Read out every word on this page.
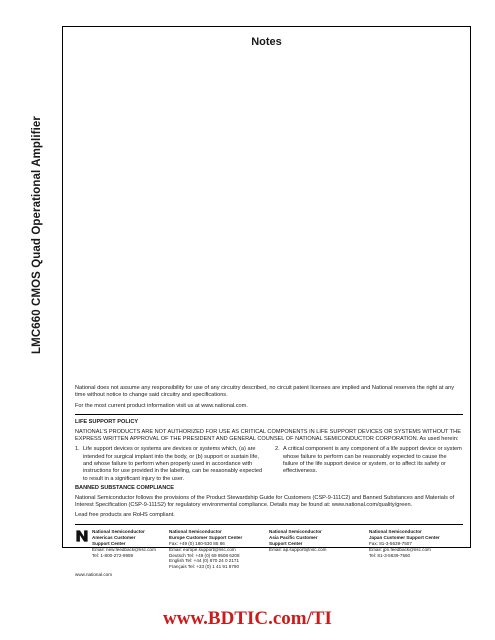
LMC660 CMOS Quad Operational Amplifier
Notes

National does not assume any responsibility for use of any circuitry described, no circuit patent licenses are implied and National reserves the right at any time without notice to change said circuitry and specifications.

For the most current product information visit us at www.national.com.

LIFE SUPPORT POLICY

NATIONAL'S PRODUCTS ARE NOT AUTHORIZED FOR USE AS CRITICAL COMPONENTS IN LIFE SUPPORT DEVICES OR SYSTEMS WITHOUT THE EXPRESS WRITTEN APPROVAL OF THE PRESIDENT AND GENERAL COUNSEL OF NATIONAL SEMICONDUCTOR CORPORATION. As used herein:

1. Life support devices or systems are devices or systems which, (a) are intended for surgical implant into the body, or (b) support or sustain life, and whose failure to perform when properly used in accordance with instructions for use provided in the labeling, can be reasonably expected to result in a significant injury to the user.
2. A critical component is any component of a life support device or system whose failure to perform can be reasonably expected to cause the failure of the life support device or system, or to affect its safety or effectiveness.
BANNED SUBSTANCE COMPLIANCE

National Semiconductor follows the provisions of the Product Stewardship Guide for Customers (CSP-9-111C2) and Banned Substances and Materials of Interest Specification (CSP-9-111S2) for regulatory environmental compliance. Details may be found at: www.national.com/quality/green.

Lead free products are RoHS compliant.

National Semiconductor
Americas Customer
Support Center
Email: new.feedback@nsc.com
Tel: 1-800-272-9959
www.national.com
National Semiconductor
Europe Customer Support Center
Fax: +49 (0) 180-530 85 86
Email: europe.support@nsc.com
Deutsch Tel: +49 (0) 69 9508 6208
English Tel: +44 (0) 870 24 0 2171
Français Tel: +33 (0) 1 41 91 8790
National Semiconductor
Asia Pacific Customer
Support Center
Email: ap.support@nsc.com
National Semiconductor
Japan Customer Support Center
Fax: 81-3-5639-7507
Email: jpn.feedback@nsc.com
Tel: 81-3-5639-7560
www.BDTIC.com/TI
